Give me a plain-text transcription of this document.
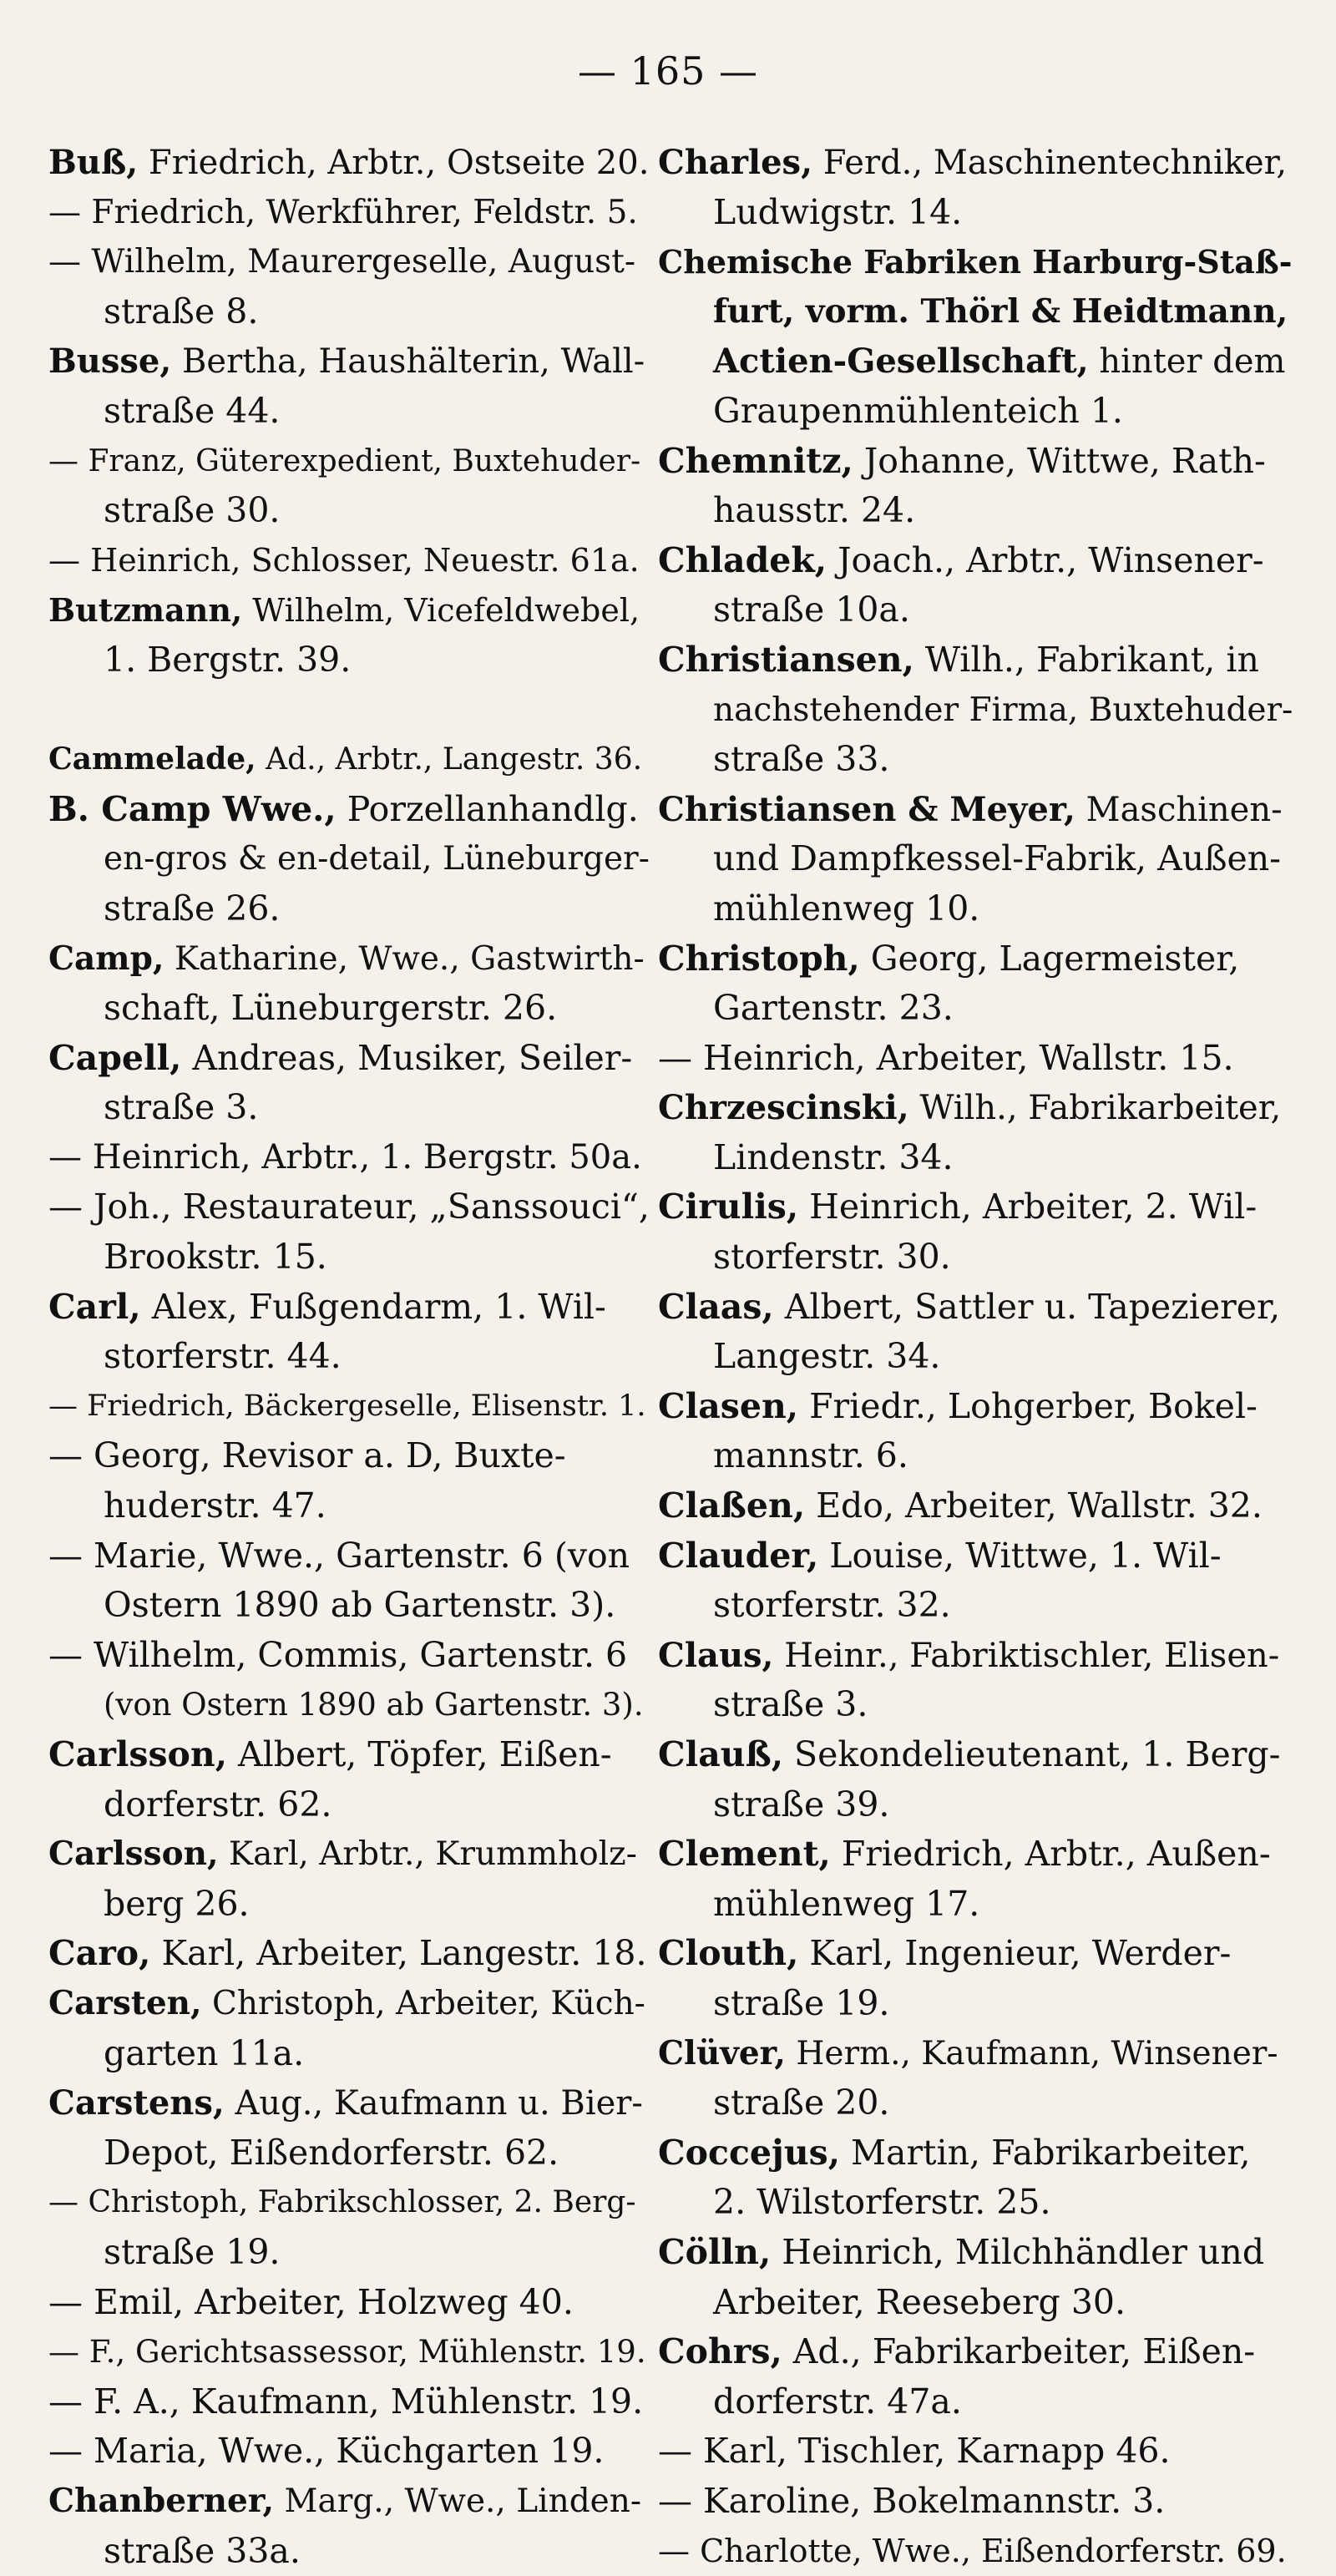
— 165 —
Buß, Friedrich, Arbtr., Ostseite 20.
— Friedrich, Werkführer, Feldstr. 5.
— Wilhelm, Maurergeselle, August-
straße 8.
Busse, Bertha, Haushälterin, Wall-
straße 44.
— Franz, Güterexpedient, Buxtehuder-
straße 30.
— Heinrich, Schlosser, Neuestr. 61a.
Butzmann, Wilhelm, Vicefeldwebel,
1. Bergstr. 39.
Cammelade, Ad., Arbtr., Langestr. 36.
B. Camp Wwe., Porzellanhandlg.
en-gros & en-detail, Lüneburger-
straße 26.
Camp, Katharine, Wwe., Gastwirth-
schaft, Lüneburgerstr. 26.
Capell, Andreas, Musiker, Seiler-
straße 3.
— Heinrich, Arbtr., 1. Bergstr. 50a.
— Joh., Restaurateur, „Sanssouci“,
Brookstr. 15.
Carl, Alex, Fußgendarm, 1. Wil-
storferstr. 44.
— Friedrich, Bäckergeselle, Elisenstr. 1.
— Georg, Revisor a. D, Buxte-
huderstr. 47.
— Marie, Wwe., Gartenstr. 6 (von
Ostern 1890 ab Gartenstr. 3).
— Wilhelm, Commis, Gartenstr. 6
(von Ostern 1890 ab Gartenstr. 3).
Carlsson, Albert, Töpfer, Eißen-
dorferstr. 62.
Carlsson, Karl, Arbtr., Krummholz-
berg 26.
Caro, Karl, Arbeiter, Langestr. 18.
Carsten, Christoph, Arbeiter, Küch-
garten 11a.
Carstens, Aug., Kaufmann u. Bier-
Depot, Eißendorferstr. 62.
— Christoph, Fabrikschlosser, 2. Berg-
straße 19.
— Emil, Arbeiter, Holzweg 40.
— F., Gerichtsassessor, Mühlenstr. 19.
— F. A., Kaufmann, Mühlenstr. 19.
— Maria, Wwe., Küchgarten 19.
Chanberner, Marg., Wwe., Linden-
straße 33a.
Charles, Ferd., Maschinentechniker,
Ludwigstr. 14.
Chemische Fabriken Harburg-Staß-
furt, vorm. Thörl & Heidtmann,
Actien-Gesellschaft, hinter dem
Graupenmühlenteich 1.
Chemnitz, Johanne, Wittwe, Rath-
hausstr. 24.
Chladek, Joach., Arbtr., Winsener-
straße 10a.
Christiansen, Wilh., Fabrikant, in
nachstehender Firma, Buxtehuder-
straße 33.
Christiansen & Meyer, Maschinen-
und Dampfkessel-Fabrik, Außen-
mühlenweg 10.
Christoph, Georg, Lagermeister,
Gartenstr. 23.
— Heinrich, Arbeiter, Wallstr. 15.
Chrzescinski, Wilh., Fabrikarbeiter,
Lindenstr. 34.
Cirulis, Heinrich, Arbeiter, 2. Wil-
storferstr. 30.
Claas, Albert, Sattler u. Tapezierer,
Langestr. 34.
Clasen, Friedr., Lohgerber, Bokel-
mannstr. 6.
Claßen, Edo, Arbeiter, Wallstr. 32.
Clauder, Louise, Wittwe, 1. Wil-
storferstr. 32.
Claus, Heinr., Fabriktischler, Elisen-
straße 3.
Clauß, Sekondelieutenant, 1. Berg-
straße 39.
Clement, Friedrich, Arbtr., Außen-
mühlenweg 17.
Clouth, Karl, Ingenieur, Werder-
straße 19.
Clüver, Herm., Kaufmann, Winsener-
straße 20.
Coccejus, Martin, Fabrikarbeiter,
2. Wilstorferstr. 25.
Cölln, Heinrich, Milchhändler und
Arbeiter, Reeseberg 30.
Cohrs, Ad., Fabrikarbeiter, Eißen-
dorferstr. 47a.
— Karl, Tischler, Karnapp 46.
— Karoline, Bokelmannstr. 3.
— Charlotte, Wwe., Eißendorferstr. 69.
